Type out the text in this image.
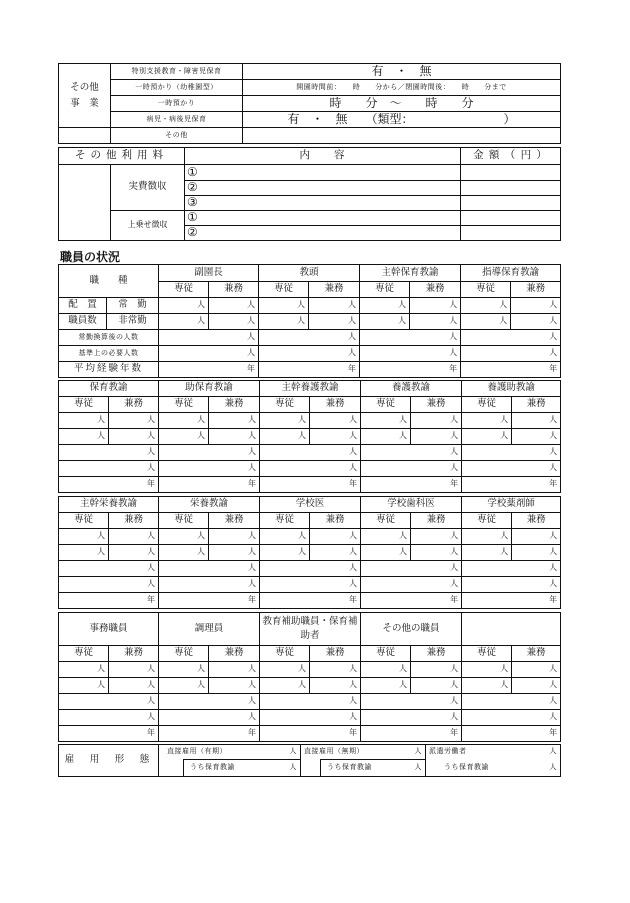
その他
事　業	特別支援教育・障害児保育	有　・　無
	一時預かり（幼稚園型）	開園時間前：　　時　　分から／閉園時間後：　　時　　分まで
	一時預かり	時　　分　～　　時　　分
	病児・病後児保育	有　・　無　　（類型：　　　　　　　　）
	その他	
その他利用料		内　　容	金 額 （ 円 ）
	実費徴収	①	
		②	
		③	
	上乗せ徴収	①	
		②	
職員の状況
職　　種		副園長		教頭		主幹保育教諭		指導保育教諭	
		専従	兼務	専従	兼務	専従	兼務	専従	兼務
配　置	常　勤	人	人	人	人	人	人	人	人
職員数	非常勤	人	人	人	人	人	人	人	人
常勤換算後の人数		人		人		人		人	
基準上の必要人数		人		人		人		人	
平均経験年数		年		年		年		年	
保育教諭		助保育教諭		主幹養護教諭		養護教諭		養護助教諭	
専従	兼務	専従	兼務	専従	兼務	専従	兼務	専従	兼務
人	人	人	人	人	人	人	人	人	人
人	人	人	人	人	人	人	人	人	人
人		人		人		人		人	
人		人		人		人		人	
年		年		年		年		年	
主幹栄養教諭		栄養教諭		学校医		学校歯科医		学校薬剤師	
専従	兼務	専従	兼務	専従	兼務	専従	兼務	専従	兼務
人	人	人	人	人	人	人	人	人	人
人	人	人	人	人	人	人	人	人	人
人		人		人		人		人	
人		人		人		人		人	
年		年		年		年		年	
事務職員		調理員		教育補助職員・保育補助者		その他の職員			
専従	兼務	専従	兼務	専従	兼務	専従	兼務	専従	兼務
人	人	人	人	人	人	人	人	人	人
人	人	人	人	人	人	人	人	人	人
人		人		人		人		人	
人		人		人		人		人	
年		年		年		年		年	
雇　用　形　態	直接雇用（有期） 人		直接雇用（無期） 人		派遣労働者 人

		うち保育教諭 人		うち保育教諭 人	うち保育教諭 人
